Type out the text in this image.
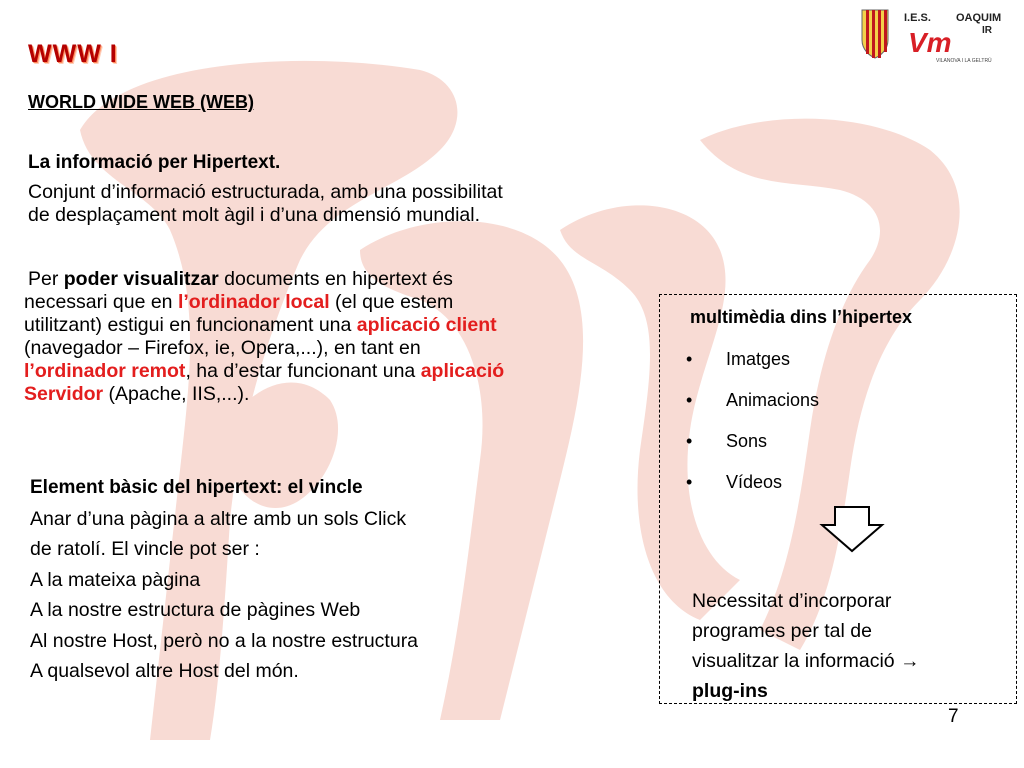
I.E.S. OAQUIM
IR
Vm
VILANOVA I LA GELTRÚ
WWW I
WORLD WIDE WEB (WEB)
La informació per Hipertext.
Conjunt d’informació estructurada, amb una possibilitat
de desplaçament molt àgil i d’una dimensió mundial.
Per poder visualitzar documents en hipertext és
necessari que en l’ordinador local (el que estem
utilitzant) estigui en funcionament una aplicació client
(navegador – Firefox, ie, Opera,...), en tant en
l’ordinador remot, ha d’estar funcionant una aplicació
Servidor (Apache, IIS,...).
Element bàsic del hipertext: el vincle
Anar d’una pàgina a altre amb un sols Click
de ratolí. El vincle pot ser :
A la mateixa pàgina
A la nostre estructura de pàgines Web
Al nostre Host, però no a la nostre estructura
A qualsevol altre Host del món.
multimèdia dins l’hipertex
•	Imatges
•	Animacions
•	Sons
•	Vídeos
Necessitat d’incorporar
programes per tal de
visualitzar la informació →
plug-ins
7
